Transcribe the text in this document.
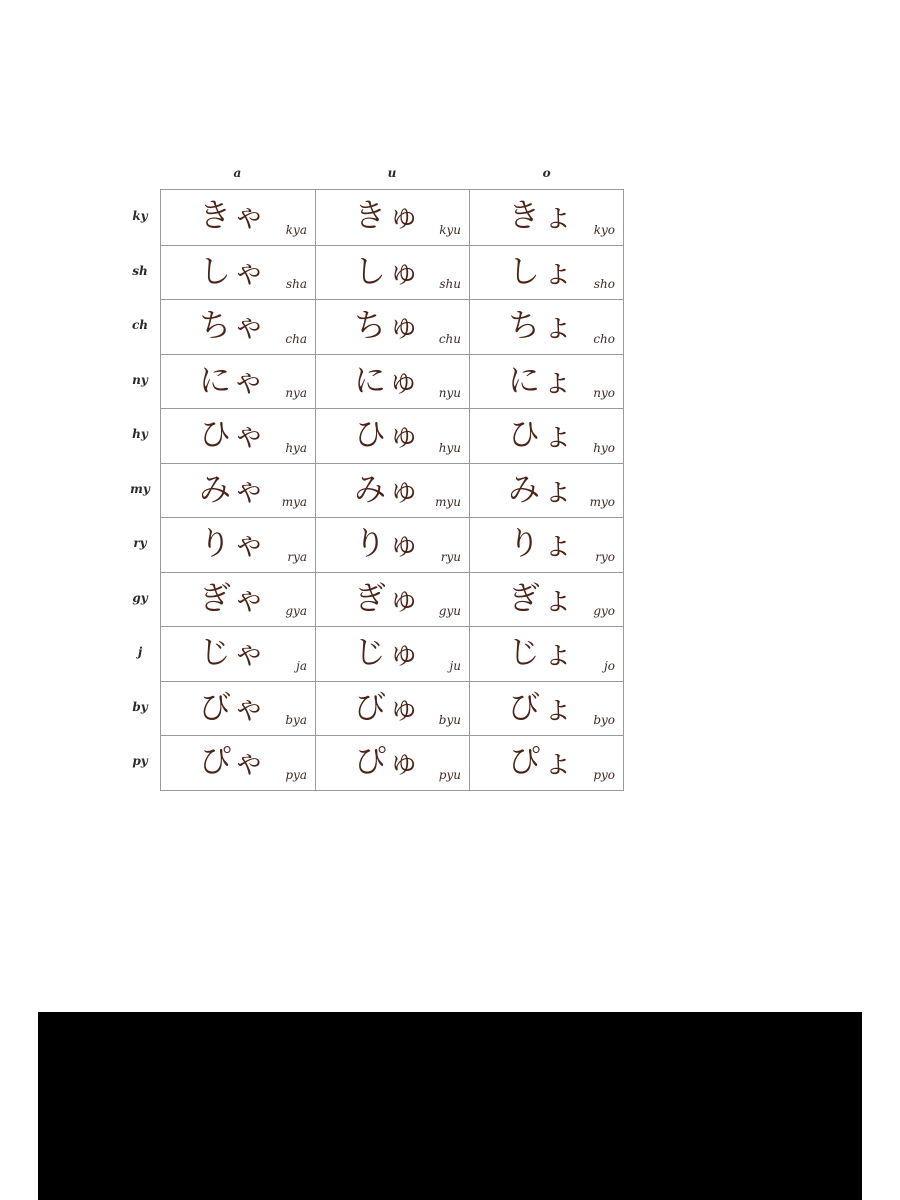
a	u	o
ky
sh
ch
ny
hy
my
ry
gy
j
by
py
きゃ kya きゅ kyu きょ kyo
しゃ sha しゅ shu しょ sho
ちゃ cha ちゅ chu ちょ cho
にゃ nya にゅ nyu にょ nyo
ひゃ hya ひゅ hyu ひょ hyo
みゃ mya みゅ myu みょ myo
りゃ rya りゅ ryu りょ ryo
ぎゃ gya ぎゅ gyu ぎょ gyo
じゃ ja じゅ ju じょ jo
びゃ bya びゅ byu びょ byo
ぴゃ pya ぴゅ pyu ぴょ pyo
